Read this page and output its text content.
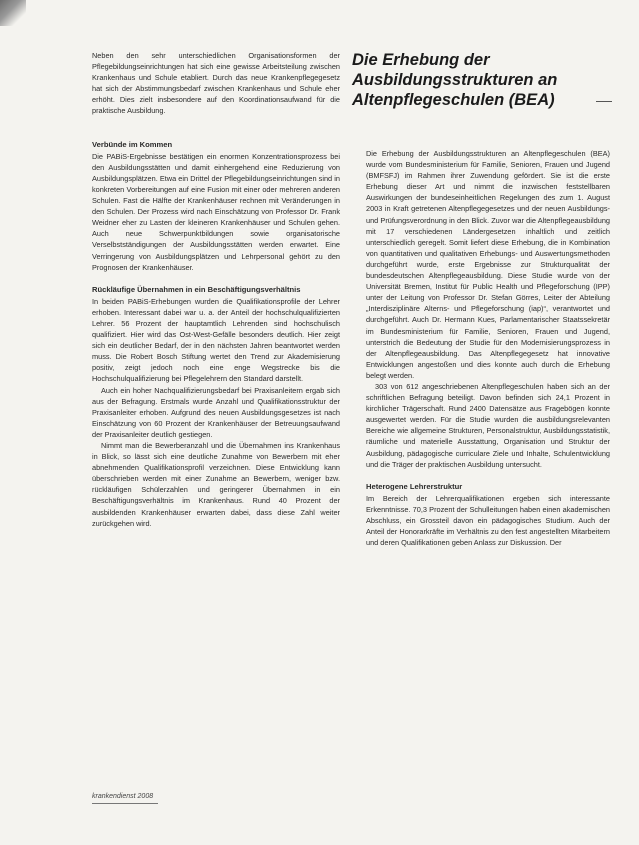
Neben den sehr unterschiedlichen Organisationsformen der Pflegebildungseinrichtungen hat sich eine gewisse Arbeitsteilung zwischen Krankenhaus und Schule etabliert. Durch das neue Krankenpflegegesetz hat sich der Abstimmungsbedarf zwischen Krankenhaus und Schule eher erhöht. Dies zielt insbesondere auf den Koordinationsaufwand für die praktische Ausbildung.

Verbünde im Kommen

Die PABiS-Ergebnisse bestätigen ein enormen Konzentrationsprozess bei den Ausbildungsstätten und damit einhergehend eine Reduzierung von Ausbildungsplätzen. Etwa ein Drittel der Pflegebildungseinrichtungen sind in konkreten Vorbereitungen auf eine Fusion mit einer oder mehreren anderen Schulen. Fast die Hälfte der Krankenhäuser rechnen mit Veränderungen in den Schulen. Der Prozess wird nach Einschätzung von Professor Dr. Frank Weidner eher zu Lasten der kleineren Krankenhäuser und Schulen gehen. Auch neue Schwerpunktbildungen sowie organisatorische Verselbstständigungen der Ausbildungsstätten werden erwartet. Eine Verringerung von Ausbildungsplätzen und Lehrpersonal gehört zu den Prognosen der Krankenhäuser.

Rückläufige Übernahmen in ein Beschäftigungsverhältnis

In beiden PABiS-Erhebungen wurden die Qualifikationsprofile der Lehrer erhoben. Interessant dabei war u. a. der Anteil der hochschulqualifizierten Lehrer. 56 Prozent der hauptamtlich Lehrenden sind hochschulisch qualifiziert. Hier wird das Ost-West-Gefälle besonders deutlich. Hier zeigt sich ein deutlicher Bedarf, der in den nächsten Jahren beantwortet werden muss. Die Robert Bosch Stiftung wertet den Trend zur Akademisierung positiv, zeigt jedoch noch eine enge Wegstrecke bis die Hochschulqualifizierung bei Pflegelehrern den Standard darstellt.

Auch ein hoher Nachqualifizierungsbedarf bei Praxisanleitern ergab sich aus der Befragung. Erstmals wurde Anzahl und Qualifikationsstruktur der Praxisanleiter erhoben. Aufgrund des neuen Ausbildungsgesetzes ist nach Einschätzung von 60 Prozent der Krankenhäuser der Betreuungsaufwand der Praxisanleiter deutlich gestiegen.

Nimmt man die Bewerberanzahl und die Übernahmen ins Krankenhaus in Blick, so lässt sich eine deutliche Zunahme von Bewerbern mit eher abnehmenden Qualifikationsprofil verzeichnen. Diese Entwicklung kann überschrieben werden mit einer Zunahme an Bewerbern, weniger bzw. rückläufigen Schülerzahlen und geringerer Übernahmen in ein Beschäftigungsverhältnis im Krankenhaus. Rund 40 Prozent der ausbildenden Krankenhäuser erwarten dabei, dass diese Zahl weiter zurückgehen wird.

Die Erhebung der Ausbildungsstrukturen an Altenpflegeschulen (BEA)

Die Erhebung der Ausbildungsstrukturen an Altenpflegeschulen (BEA) wurde vom Bundesministerium für Familie, Senioren, Frauen und Jugend (BMFSFJ) im Rahmen ihrer Zuwendung gefördert. Sie ist die erste Erhebung dieser Art und nimmt die inzwischen feststellbaren Auswirkungen der bundeseinheitlichen Regelungen des zum 1. August 2003 in Kraft getretenen Altenpflegegesetzes und der neuen Ausbildungs- und Prüfungsverordnung in den Blick. Zuvor war die Altenpflegeausbildung mit 17 verschiedenen Ländergesetzen inhaltlich und zeitlich unterschiedlich geregelt. Somit liefert diese Erhebung, die in Kombination von quantitativen und qualitativen Erhebungs- und Auswertungsmethoden durchgeführt wurde, erste Ergebnisse zur Strukturqualität der bundesdeutschen Altenpflegeausbildung. Diese Studie wurde von der Universität Bremen, Institut für Public Health und Pflegeforschung (IPP) unter der Leitung von Professor Dr. Stefan Görres, Leiter der Abteilung „Interdisziplinäre Alterns- und Pflegeforschung (iap)“, verantwortet und durchgeführt. Auch Dr. Hermann Kues, Parlamentarischer Staatssekretär im Bundesministerium für Familie, Senioren, Frauen und Jugend, unterstrich die Bedeutung der Studie für den Modernisierungsprozess in der Altenpflegeausbildung. Das Altenpflegegesetz hat innovative Entwicklungen angestoßen und dies konnte auch durch die Erhebung belegt werden.

303 von 612 angeschriebenen Altenpflegeschulen haben sich an der schriftlichen Befragung beteiligt. Davon befinden sich 24,1 Prozent in kirchlicher Trägerschaft. Rund 2400 Datensätze aus Fragebögen konnte ausgewertet werden. Für die Studie wurden die ausbildungsrelevanten Bereiche wie allgemeine Strukturen, Personalstruktur, Ausbildungsstatistik, räumliche und materielle Ausstattung, Organisation und Struktur der Ausbildung, pädagogische curriculare Ziele und Inhalte, Schulentwicklung und die Träger der praktischen Ausbildung untersucht.

Heterogene Lehrerstruktur

Im Bereich der Lehrerqualifikationen ergeben sich interessante Erkenntnisse. 70,3 Prozent der Schulleitungen haben einen akademischen Abschluss, ein Grossteil davon ein pädagogisches Studium. Auch der Anteil der Honorarkräfte im Verhältnis zu den fest angestellten Mitarbeitern und deren Qualifikationen geben Anlass zur Diskussion. Der

krankendienst 2008
